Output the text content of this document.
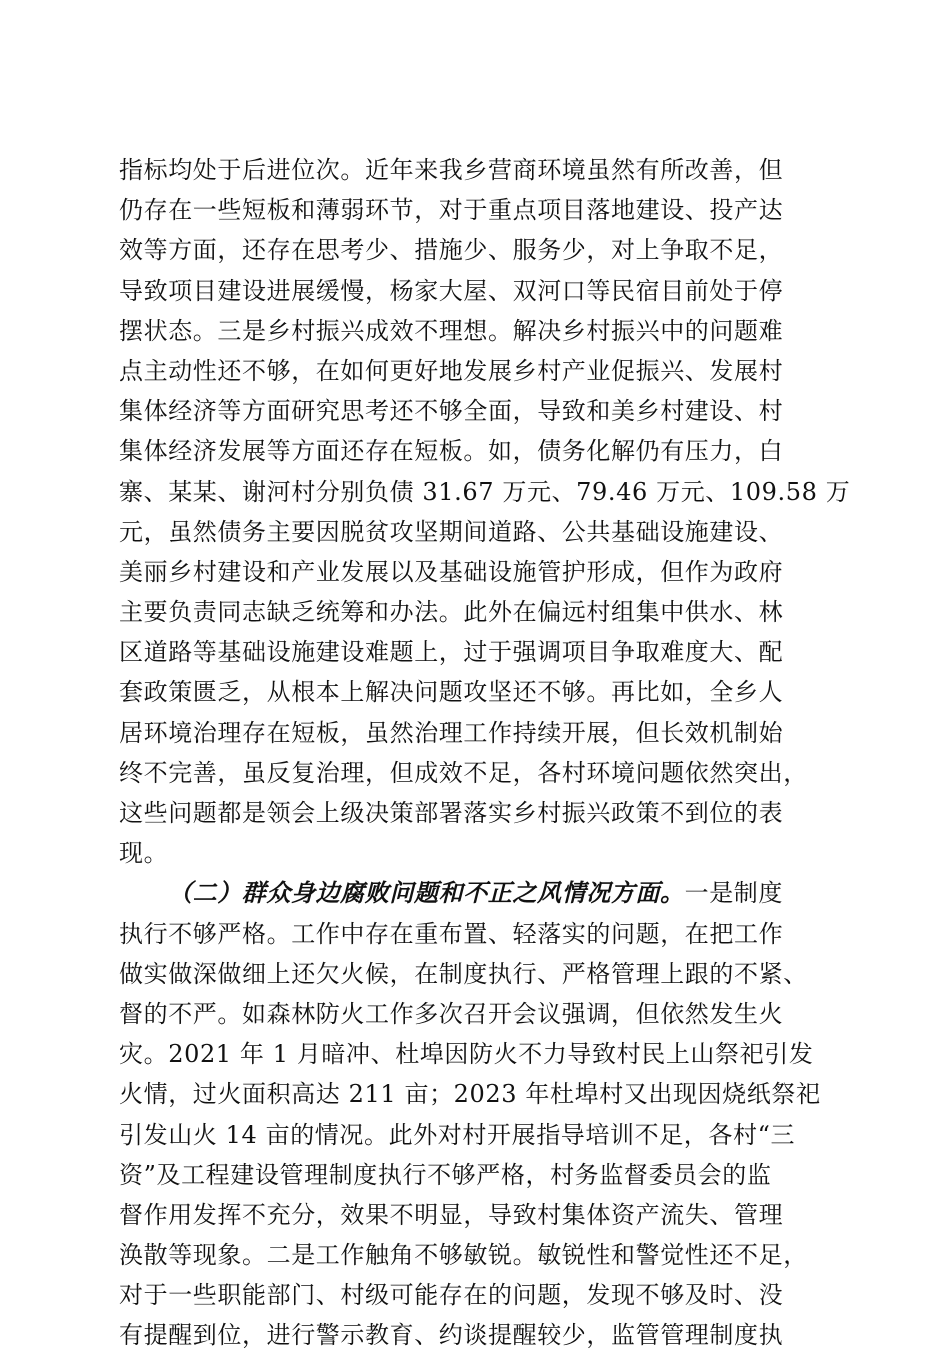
指标均处于后进位次。近年来我乡营商环境虽然有所改善，但
仍存在一些短板和薄弱环节，对于重点项目落地建设、投产达
效等方面，还存在思考少、措施少、服务少，对上争取不足，
导致项目建设进展缓慢，杨家大屋、双河口等民宿目前处于停
摆状态。三是乡村振兴成效不理想。解决乡村振兴中的问题难
点主动性还不够，在如何更好地发展乡村产业促振兴、发展村
集体经济等方面研究思考还不够全面，导致和美乡村建设、村
集体经济发展等方面还存在短板。如，债务化解仍有压力，白
寨、某某、谢河村分别负债 31.67 万元、79.46 万元、109.58 万
元，虽然债务主要因脱贫攻坚期间道路、公共基础设施建设、
美丽乡村建设和产业发展以及基础设施管护形成，但作为政府
主要负责同志缺乏统筹和办法。此外在偏远村组集中供水、林
区道路等基础设施建设难题上，过于强调项目争取难度大、配
套政策匮乏，从根本上解决问题攻坚还不够。再比如，全乡人
居环境治理存在短板，虽然治理工作持续开展，但长效机制始
终不完善，虽反复治理，但成效不足，各村环境问题依然突出，
这些问题都是领会上级决策部署落实乡村振兴政策不到位的表
现。
（二）群众身边腐败问题和不正之风情况方面。一是制度
执行不够严格。工作中存在重布置、轻落实的问题，在把工作
做实做深做细上还欠火候，在制度执行、严格管理上跟的不紧、
督的不严。如森林防火工作多次召开会议强调，但依然发生火
灾。2021 年 1 月暗冲、杜埠因防火不力导致村民上山祭祀引发
火情，过火面积高达 211 亩；2023 年杜埠村又出现因烧纸祭祀
引发山火 14 亩的情况。此外对村开展指导培训不足，各村“三
资”及工程建设管理制度执行不够严格，村务监督委员会的监
督作用发挥不充分，效果不明显，导致村集体资产流失、管理
涣散等现象。二是工作触角不够敏锐。敏锐性和警觉性还不足，
对于一些职能部门、村级可能存在的问题，发现不够及时、没
有提醒到位，进行警示教育、约谈提醒较少，监管管理制度执
